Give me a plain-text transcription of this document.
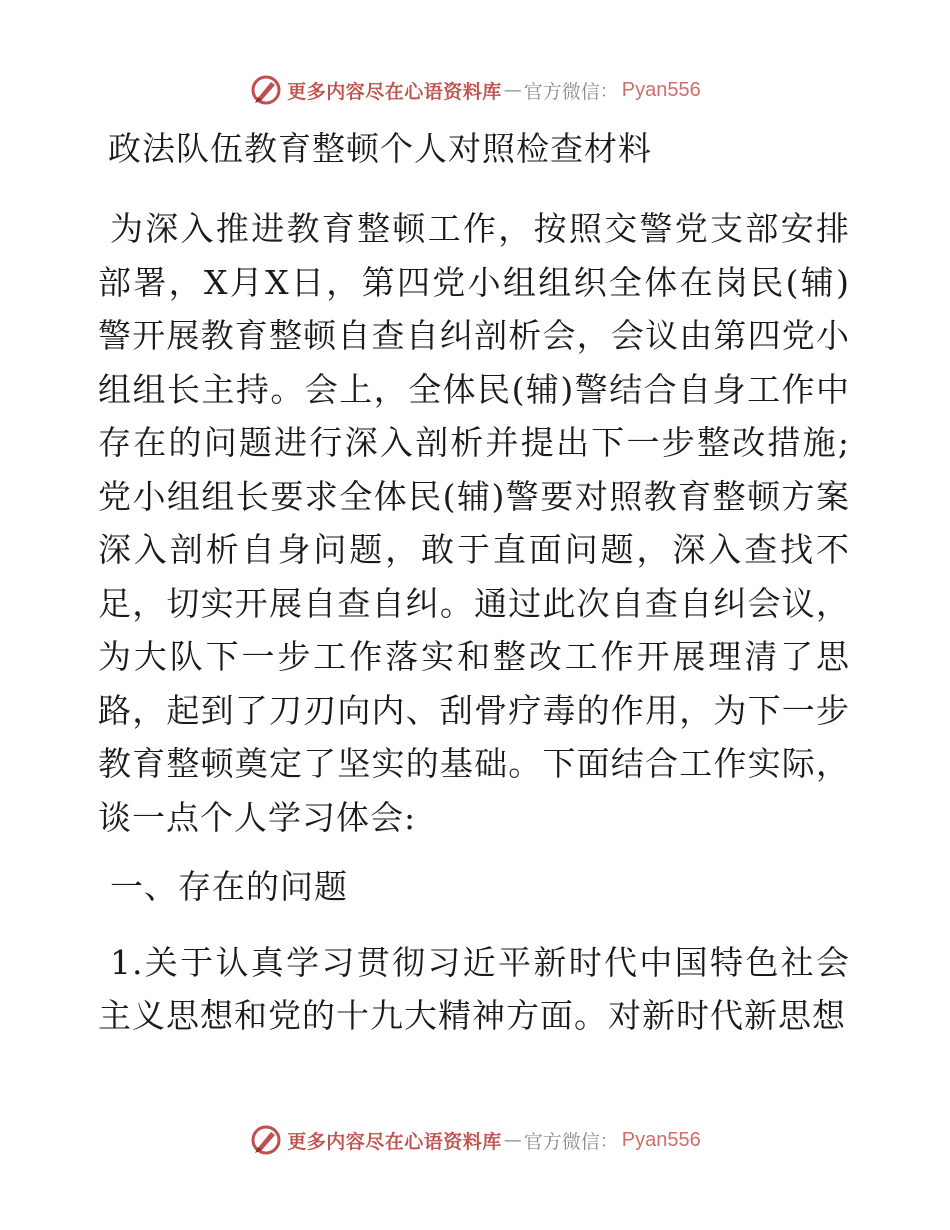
更多内容尽在心语资料库 — 官方微信 ： Pyan556
政法队伍教育整顿个人对照检查材料

为深入推进教育整顿工作，按照交警党支部安排部署，X月X日，第四党小组组织全体在岗民(辅)警开展教育整顿自查自纠剖析会，会议由第四党小组组长主持。会上，全体民(辅)警结合自身工作中存在的问题进行深入剖析并提出下一步整改措施;党小组组长要求全体民(辅)警要对照教育整顿方案深入剖析自身问题，敢于直面问题，深入查找不足，切实开展自查自纠。通过此次自查自纠会议，为大队下一步工作落实和整改工作开展理清了思路，起到了刀刃向内、刮骨疗毒的作用，为下一步教育整顿奠定了坚实的基础。下面结合工作实际，谈一点个人学习体会:

一、存在的问题

1.关于认真学习贯彻习近平新时代中国特色社会主义思想和党的十九大精神方面。对新时代新思想

更多内容尽在心语资料库 — 官方微信 ： Pyan556
